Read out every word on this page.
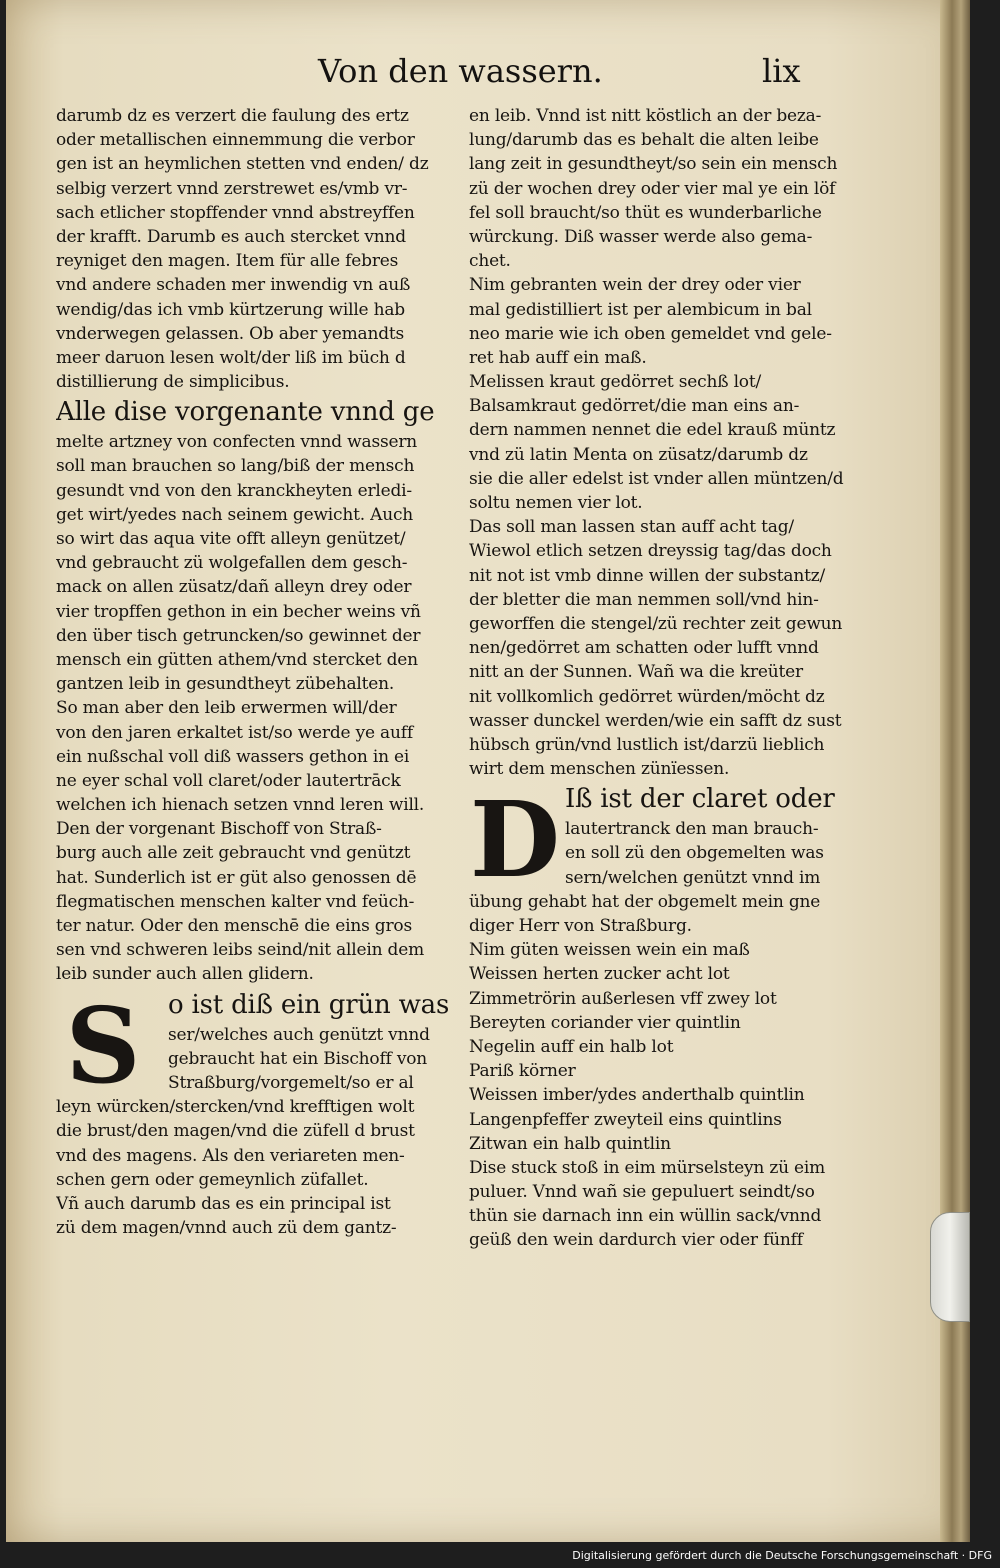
Von den wassern.	lix
darumb dz es verzert die faulung des ertz
oder metallischen einnemmung die verbor
gen ist an heymlichen stetten vnd enden/ dz
selbig verzert vnnd zerstrewet es/vmb vr-
sach etlicher stopffender vnnd abstreyffen
der krafft. Darumb es auch stercket vnnd
reyniget den magen. Item für alle febres
vnd andere schaden mer inwendig vn auß
wendig/das ich vmb kürtzerung wille hab
vnderwegen gelassen. Ob aber yemandts
meer daruon lesen wolt/der liß im büch d
distillierung de simplicibus.
Alle dise vorgenante vnnd ge
melte artzney von confecten vnnd wassern
soll man brauchen so lang/biß der mensch
gesundt vnd von den kranckheyten erledi-
get wirt/yedes nach seinem gewicht. Auch
so wirt das aqua vite offt alleyn genützet/
vnd gebraucht zü wolgefallen dem gesch-
mack on allen züsatz/dañ alleyn drey oder
vier tropffen gethon in ein becher weins vñ
den über tisch getruncken/so gewinnet der
mensch ein gütten athem/vnd stercket den
gantzen leib in gesundtheyt zübehalten.
So man aber den leib erwermen will/der
von den jaren erkaltet ist/so werde ye auff
ein nußschal voll diß wassers gethon in ei
ne eyer schal voll claret/oder lautertrāck
welchen ich hienach setzen vnnd leren will.
Den der vorgenant Bischoff von Straß-
burg auch alle zeit gebraucht vnd genützt
hat. Sunderlich ist er güt also genossen dē
flegmatischen menschen kalter vnd feüch-
ter natur. Oder den menschē die eins gros
sen vnd schweren leibs seind/nit allein dem
leib sunder auch allen glidern.
S	o ist diß ein grün was
ser/welches auch genützt vnnd
gebraucht hat ein Bischoff von
Straßburg/vorgemelt/so er al
leyn würcken/stercken/vnd krefftigen wolt
die brust/den magen/vnd die züfell d brust
vnd des magens. Als den veriareten men-
schen gern oder gemeynlich züfallet.
Vñ auch darumb das es ein principal ist
zü dem magen/vnnd auch zü dem gantz-
en leib. Vnnd ist nitt köstlich an der beza-
lung/darumb das es behalt die alten leibe
lang zeit in gesundtheyt/so sein ein mensch
zü der wochen drey oder vier mal ye ein löf
fel soll braucht/so thüt es wunderbarliche
würckung. Diß wasser werde also gema-
chet.
Nim gebranten wein der drey oder vier
mal gedistilliert ist per alembicum in bal
neo marie wie ich oben gemeldet vnd gele-
ret hab auff ein maß.
Melissen kraut gedörret sechß lot/
Balsamkraut gedörret/die man eins an-
dern nammen nennet die edel krauß müntz
vnd zü latin Menta on züsatz/darumb dz
sie die aller edelst ist vnder allen müntzen/d
soltu nemen vier lot.
Das soll man lassen stan auff acht tag/
Wiewol etlich setzen dreyssig tag/das doch
nit not ist vmb dinne willen der substantz/
der bletter die man nemmen soll/vnd hin-
geworffen die stengel/zü rechter zeit gewun
nen/gedörret am schatten oder lufft vnnd
nitt an der Sunnen. Wañ wa die kreüter
nit vollkomlich gedörret würden/möcht dz
wasser dunckel werden/wie ein safft dz sust
hübsch grün/vnd lustlich ist/darzü lieblich
wirt dem menschen zünïessen.
D Iß ist der claret oder
lautertranck den man brauch-
en soll zü den obgemelten was
sern/welchen genützt vnnd im
übung gehabt hat der obgemelt mein gne
diger Herr von Straßburg.
Nim güten weissen wein ein maß
Weissen herten zucker acht lot
Zimmetrörin außerlesen vff zwey lot
Bereyten coriander vier quintlin
Negelin auff ein halb lot
Pariß körner
Weissen imber/ydes anderthalb quintlin
Langenpfeffer zweyteil eins quintlins
Zitwan ein halb quintlin
Dise stuck stoß in eim mürselsteyn zü eim
puluer. Vnnd wañ sie gepuluert seindt/so
thün sie darnach inn ein wüllin sack/vnnd
geüß den wein dardurch vier oder fünff
Digitalisierung gefördert durch die Deutsche Forschungsgemeinschaft · DFG
